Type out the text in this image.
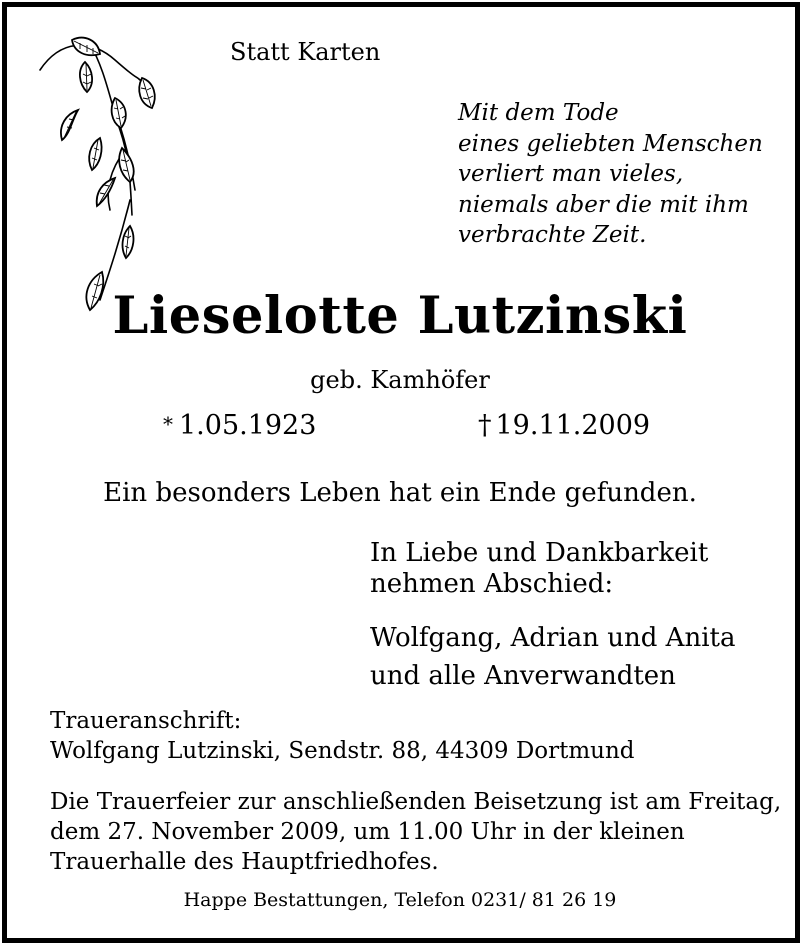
Statt Karten
Mit dem Tode
eines geliebten Menschen
verliert man vieles,
niemals aber die mit ihm
verbrachte Zeit.
Lieselotte Lutzinski
geb. Kamhöfer
* 1.05.1923	† 19.11.2009
Ein besonders Leben hat ein Ende gefunden.
In Liebe und Dankbarkeit
nehmen Abschied:
Wolfgang, Adrian und Anita
und alle Anverwandten
Traueranschrift:
Wolfgang Lutzinski, Sendstr. 88, 44309 Dortmund
Die Trauerfeier zur anschließenden Beisetzung ist am Freitag,
dem 27. November 2009, um 11.00 Uhr in der kleinen
Trauerhalle des Hauptfriedhofes.
Happe Bestattungen, Telefon 0231/ 81 26 19
